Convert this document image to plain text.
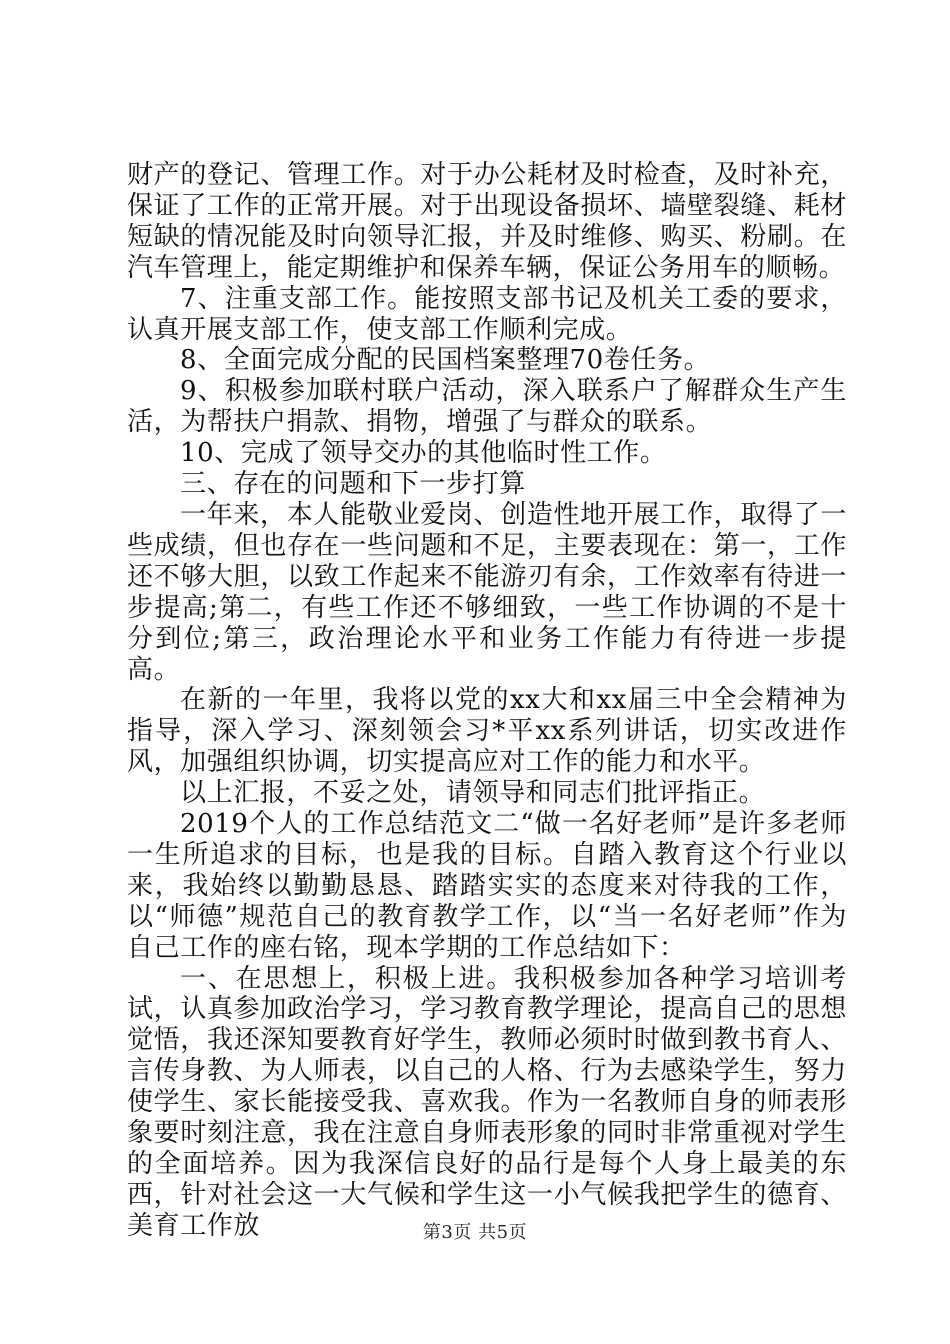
财产的登记、管理工作。对于办公耗材及时检查，及时补充，保证了工作的正常开展。对于出现设备损坏、墙壁裂缝、耗材短缺的情况能及时向领导汇报，并及时维修、购买、粉刷。在汽车管理上，能定期维护和保养车辆，保证公务用车的顺畅。

7、注重支部工作。能按照支部书记及机关工委的要求，认真开展支部工作，使支部工作顺利完成。

8、全面完成分配的民国档案整理70卷任务。

9、积极参加联村联户活动，深入联系户了解群众生产生活，为帮扶户捐款、捐物，增强了与群众的联系。

10、完成了领导交办的其他临时性工作。

三、存在的问题和下一步打算

一年来，本人能敬业爱岗、创造性地开展工作，取得了一些成绩，但也存在一些问题和不足，主要表现在：第一，工作还不够大胆，以致工作起来不能游刃有余，工作效率有待进一步提高;第二，有些工作还不够细致，一些工作协调的不是十分到位;第三，政治理论水平和业务工作能力有待进一步提高。

在新的一年里，我将以党的xx大和xx届三中全会精神为指导，深入学习、深刻领会习*平xx系列讲话，切实改进作风，加强组织协调，切实提高应对工作的能力和水平。

以上汇报，不妥之处，请领导和同志们批评指正。

2019个人的工作总结范文二“做一名好老师”是许多老师一生所追求的目标，也是我的目标。自踏入教育这个行业以来，我始终以勤勤恳恳、踏踏实实的态度来对待我的工作，以“师德”规范自己的教育教学工作，以“当一名好老师”作为自己工作的座右铭，现本学期的工作总结如下：

一、在思想上，积极上进。我积极参加各种学习培训考试，认真参加政治学习，学习教育教学理论，提高自己的思想觉悟，我还深知要教育好学生，教师必须时时做到教书育人、言传身教、为人师表，以自己的人格、行为去感染学生，努力使学生、家长能接受我、喜欢我。作为一名教师自身的师表形象要时刻注意，我在注意自身师表形象的同时非常重视对学生的全面培养。因为我深信良好的品行是每个人身上最美的东西，针对社会这一大气候和学生这一小气候我把学生的德育、美育工作放	第3页 共5页
